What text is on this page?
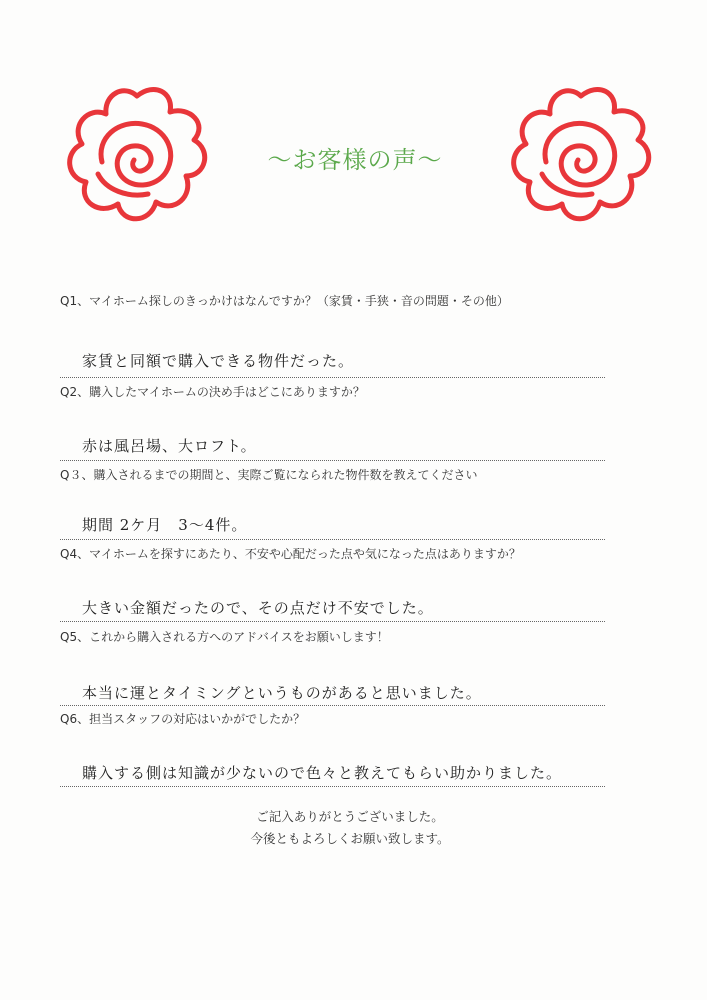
～お客様の声～
Q1、マイホーム探しのきっかけはなんですか？（家賃・手狭・音の問題・その他）
家賃と同額で購入できる物件だった。
Q2、購入したマイホームの決め手はどこにありますか？
赤は風呂場、大ロフト。
Q３、購入されるまでの期間と、実際ご覧になられた物件数を教えてください
期間 2ケ月　3～4件。
Q4、マイホームを探すにあたり、不安や心配だった点や気になった点はありますか？
大きい金額だったので、その点だけ不安でした。
Q5、これから購入される方へのアドバイスをお願いします！
本当に運とタイミングというものがあると思いました。
Q6、担当スタッフの対応はいかがでしたか？
購入する側は知識が少ないので色々と教えてもらい助かりました。
ご記入ありがとうございました。
今後ともよろしくお願い致します。
